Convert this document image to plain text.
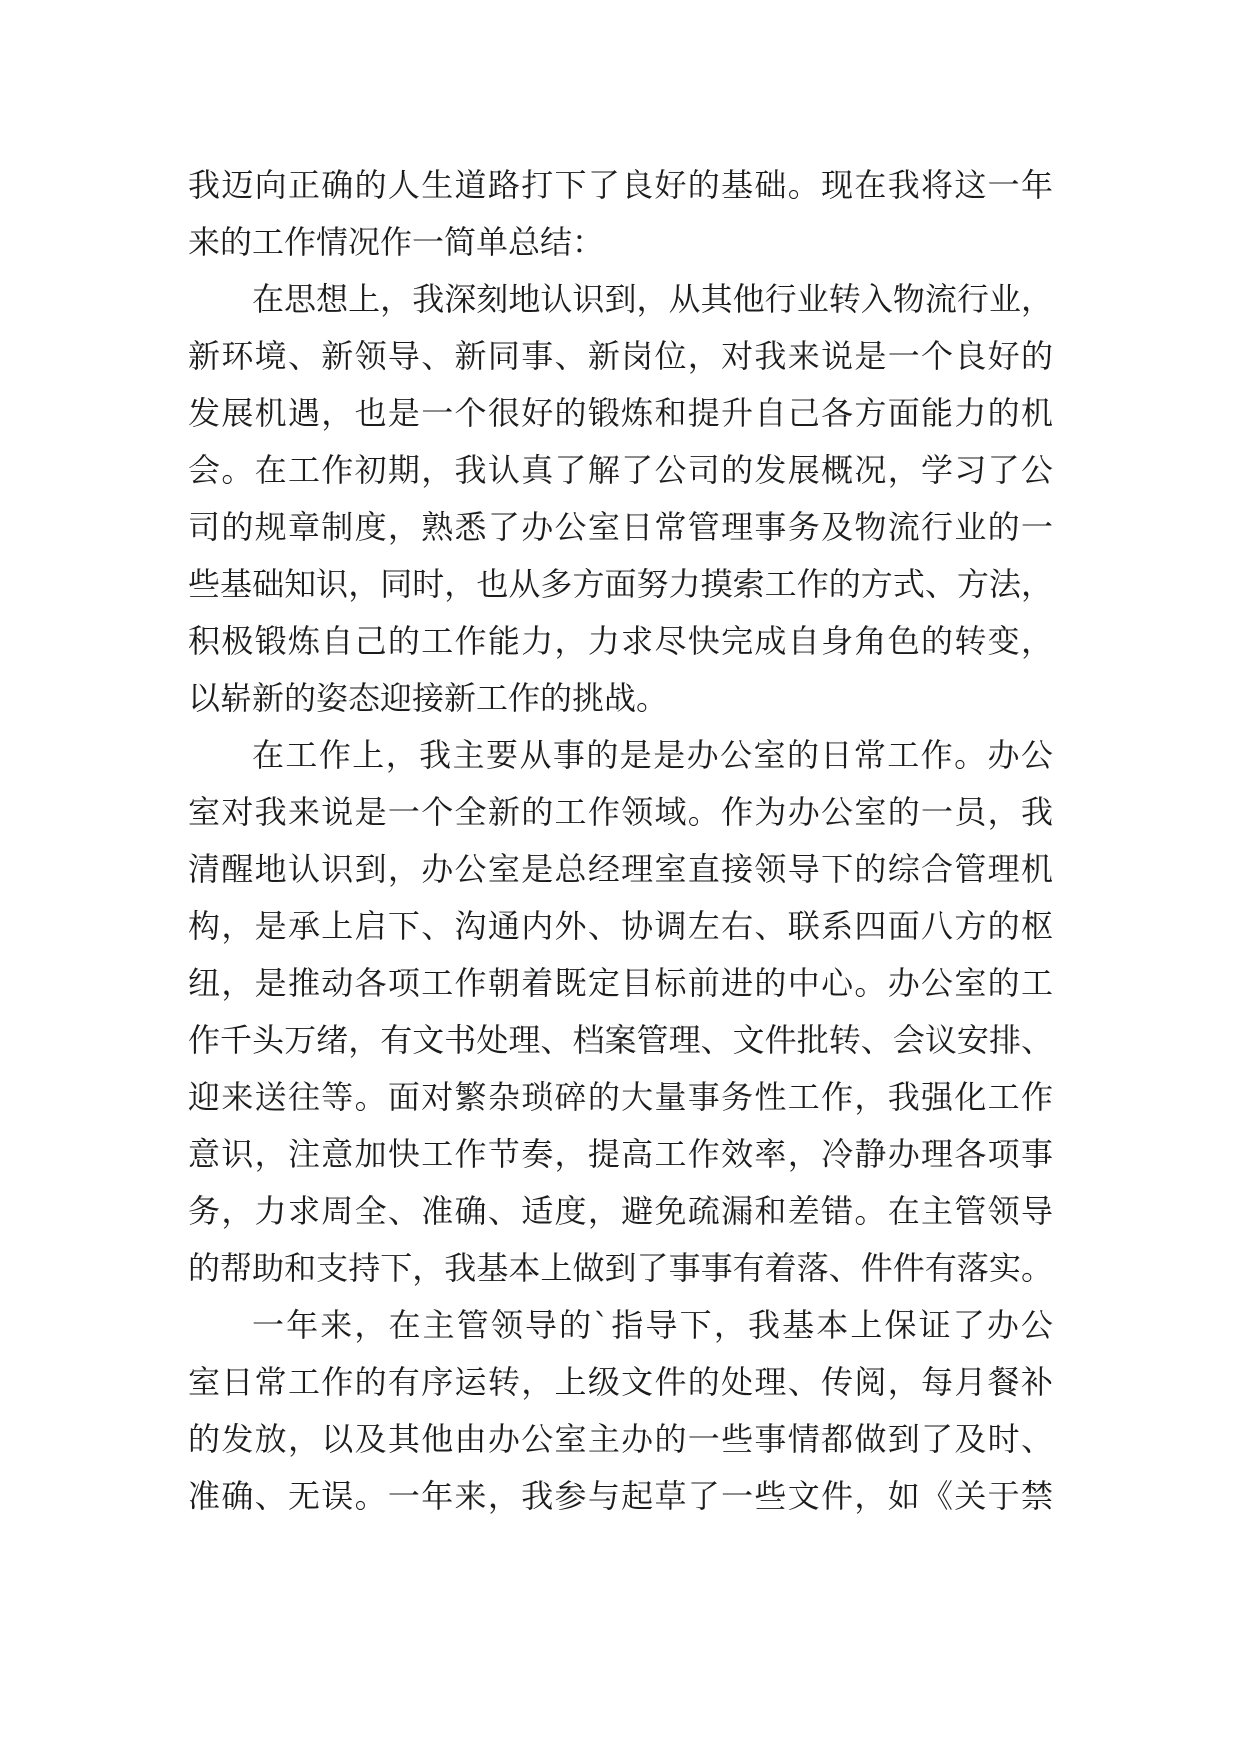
我迈向正确的人生道路打下了良好的基础。现在我将这一年
来的工作情况作一简单总结：
在思想上，我深刻地认识到，从其他行业转入物流行业，
新环境、新领导、新同事、新岗位，对我来说是一个良好的
发展机遇，也是一个很好的锻炼和提升自己各方面能力的机
会。在工作初期，我认真了解了公司的发展概况，学习了公
司的规章制度，熟悉了办公室日常管理事务及物流行业的一
些基础知识，同时，也从多方面努力摸索工作的方式、方法，
积极锻炼自己的工作能力，力求尽快完成自身角色的转变，
以崭新的姿态迎接新工作的挑战。
在工作上，我主要从事的是是办公室的日常工作。办公
室对我来说是一个全新的工作领域。作为办公室的一员，我
清醒地认识到，办公室是总经理室直接领导下的综合管理机
构，是承上启下、沟通内外、协调左右、联系四面八方的枢
纽，是推动各项工作朝着既定目标前进的中心。办公室的工
作千头万绪，有文书处理、档案管理、文件批转、会议安排、
迎来送往等。面对繁杂琐碎的大量事务性工作，我强化工作
意识，注意加快工作节奏，提高工作效率，冷静办理各项事
务，力求周全、准确、适度，避免疏漏和差错。在主管领导
的帮助和支持下，我基本上做到了事事有着落、件件有落实。
一年来，在主管领导的`指导下，我基本上保证了办公
室日常工作的有序运转，上级文件的处理、传阅，每月餐补
的发放，以及其他由办公室主办的一些事情都做到了及时、
准确、无误。一年来，我参与起草了一些文件，如《关于禁
